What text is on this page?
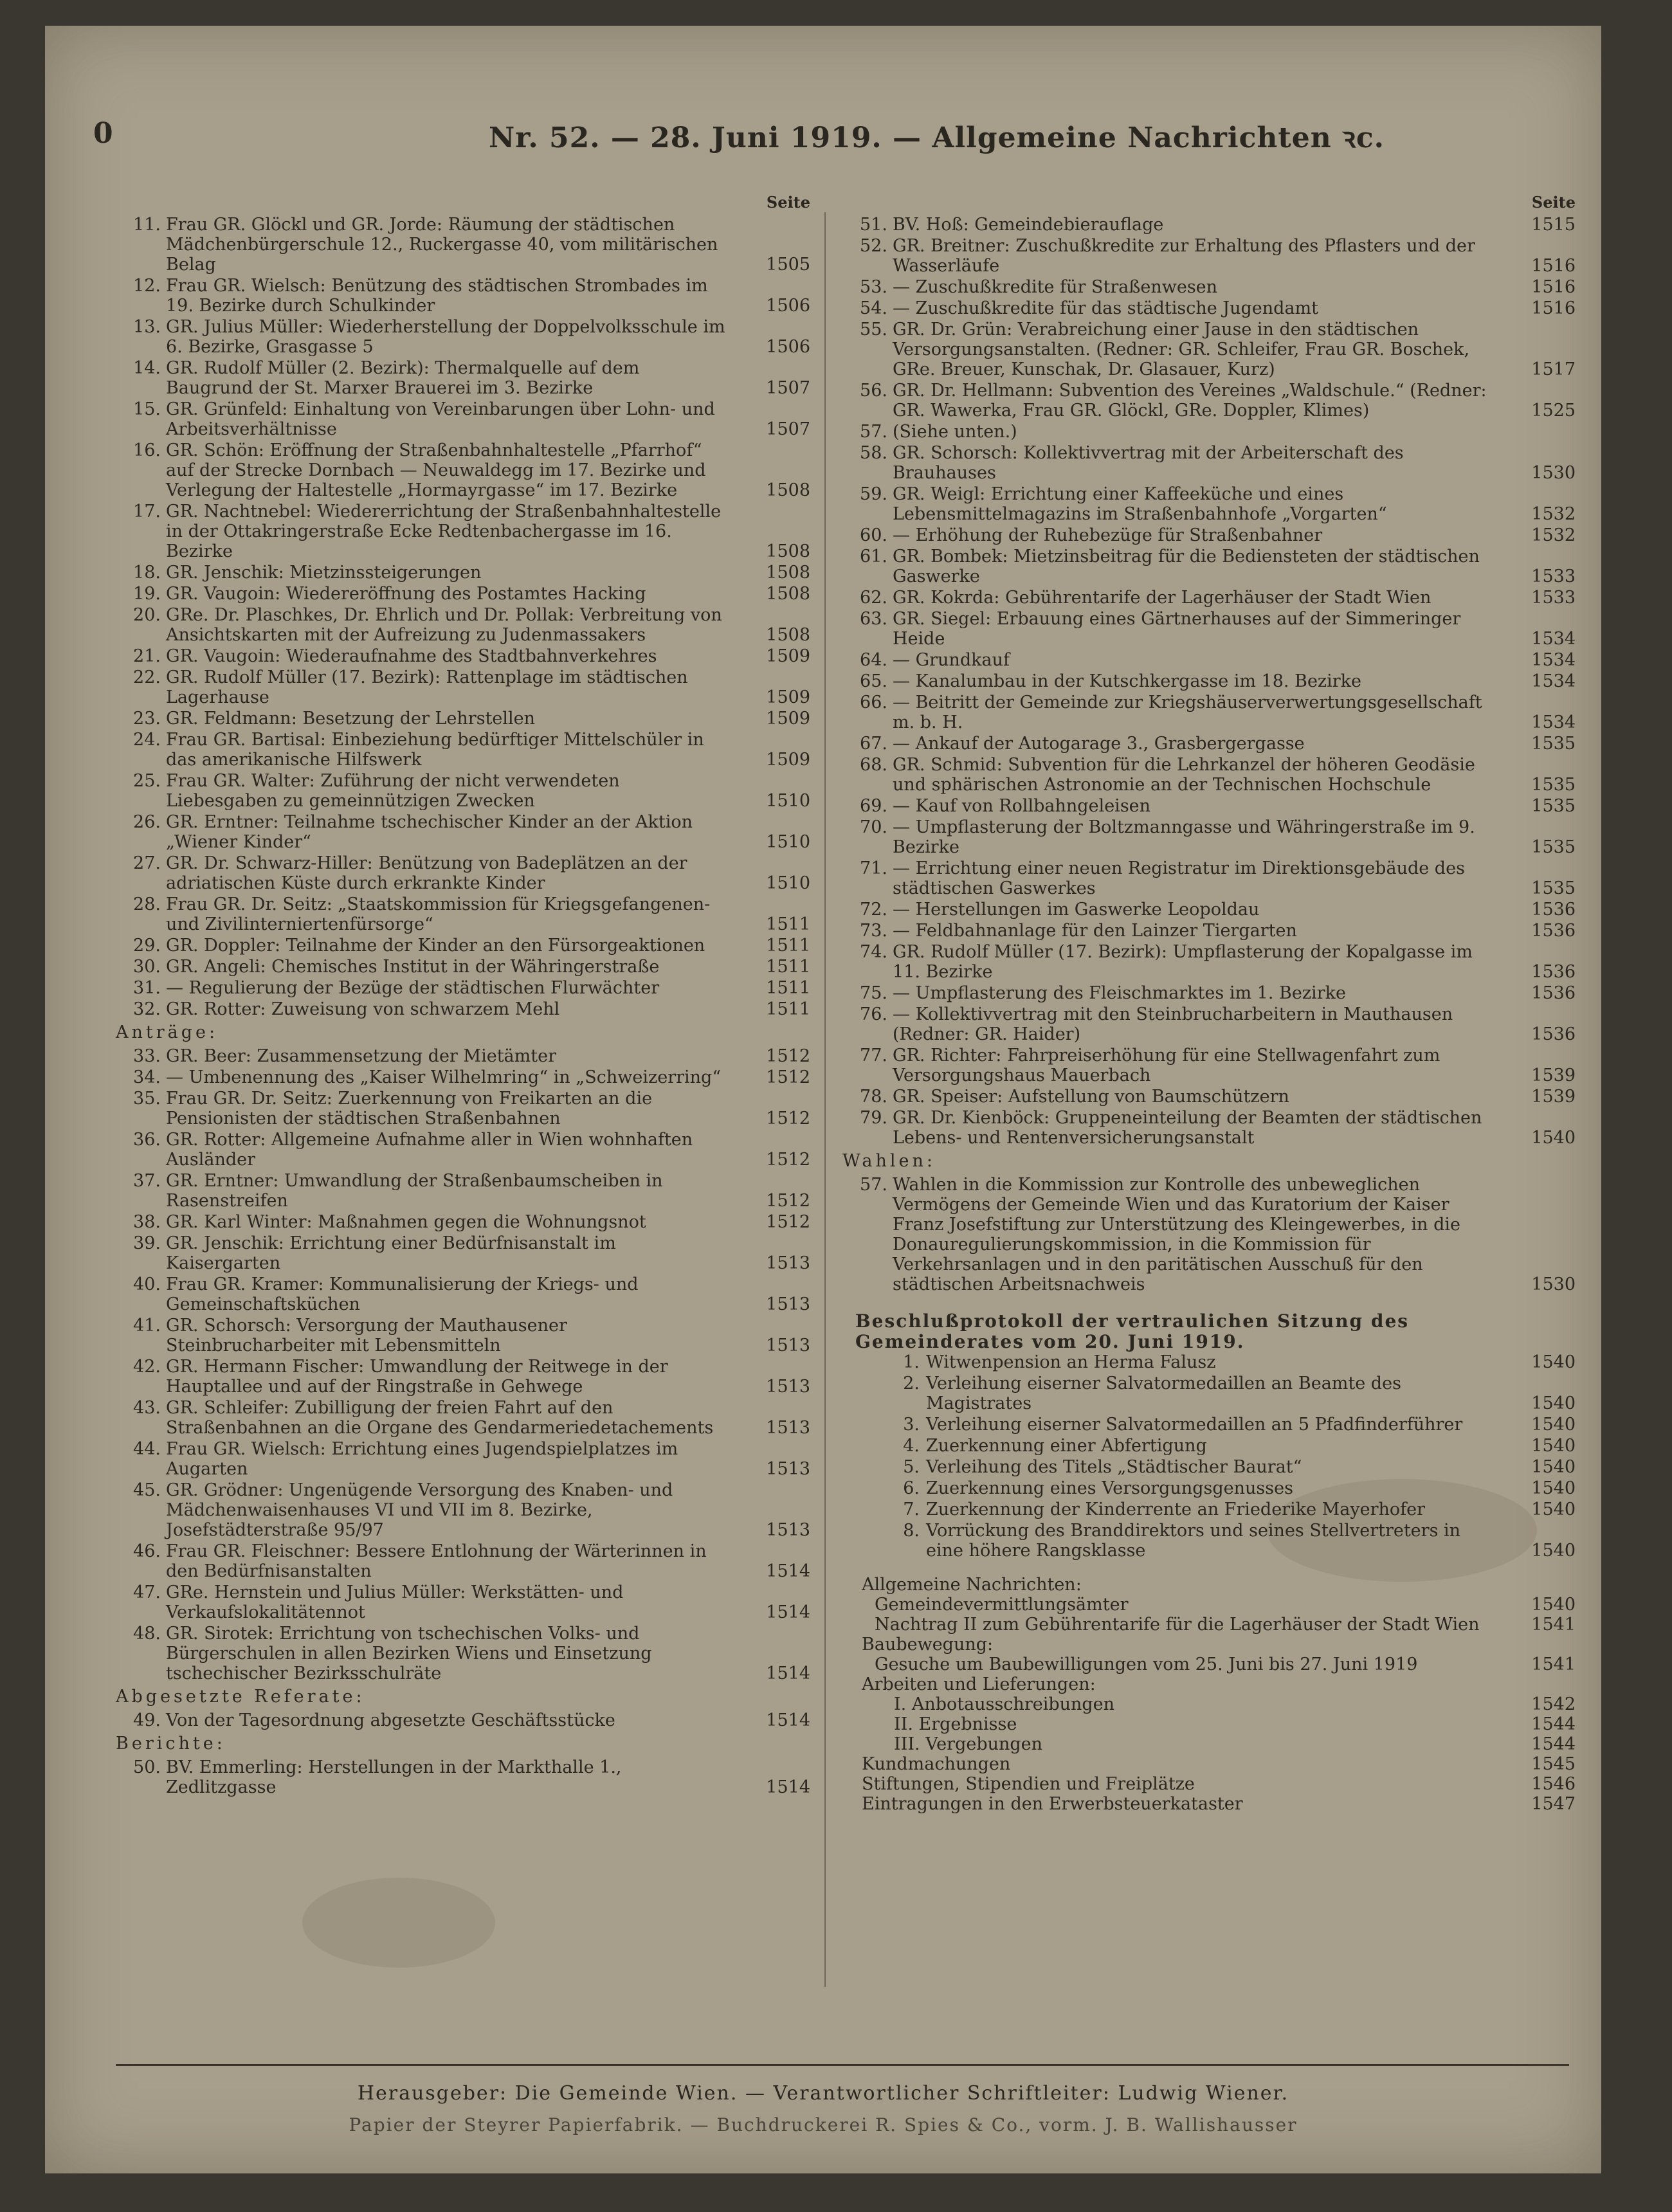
0	Nr. 52. — 28. Juni 1919. — Allgemeine Nachrichten ꝛc.
Seite
11. Frau GR. Glöckl und GR. Jorde: Räumung der städtischen Mädchenbürgerschule 12., Ruckergasse 40, vom militärischen Belag	1505
12. Frau GR. Wielsch: Benützung des städtischen Strombades im 19. Bezirke durch Schulkinder	1506
13. GR. Julius Müller: Wiederherstellung der Doppelvolksschule im 6. Bezirke, Grasgasse 5	1506
14. GR. Rudolf Müller (2. Bezirk): Thermalquelle auf dem Baugrund der St. Marxer Brauerei im 3. Bezirke	1507
15. GR. Grünfeld: Einhaltung von Vereinbarungen über Lohn- und Arbeitsverhältnisse	1507
16. GR. Schön: Eröffnung der Straßenbahnhaltestelle „Pfarrhof“ auf der Strecke Dornbach — Neuwaldegg im 17. Bezirke und Verlegung der Haltestelle „Hormayrgasse“ im 17. Bezirke	1508
17. GR. Nachtnebel: Wiedererrichtung der Straßenbahnhaltestelle in der Ottakringerstraße Ecke Redtenbachergasse im 16. Bezirke	1508
18. GR. Jenschik: Mietzinssteigerungen	1508
19. GR. Vaugoin: Wiedereröffnung des Postamtes Hacking	1508
20. GRe. Dr. Plaschkes, Dr. Ehrlich und Dr. Pollak: Verbreitung von Ansichtskarten mit der Aufreizung zu Judenmassakers	1508
21. GR. Vaugoin: Wiederaufnahme des Stadtbahnverkehres	1509
22. GR. Rudolf Müller (17. Bezirk): Rattenplage im städtischen Lagerhause	1509
23. GR. Feldmann: Besetzung der Lehrstellen	1509
24. Frau GR. Bartisal: Einbeziehung bedürftiger Mittelschüler in das amerikanische Hilfswerk	1509
25. Frau GR. Walter: Zuführung der nicht verwendeten Liebesgaben zu gemeinnützigen Zwecken	1510
26. GR. Erntner: Teilnahme tschechischer Kinder an der Aktion „Wiener Kinder“	1510
27. GR. Dr. Schwarz-Hiller: Benützung von Badeplätzen an der adriatischen Küste durch erkrankte Kinder	1510
28. Frau GR. Dr. Seitz: „Staatskommission für Kriegsgefangenen- und Zivilinterniertenfürsorge“	1511
29. GR. Doppler: Teilnahme der Kinder an den Fürsorgeaktionen	1511
30. GR. Angeli: Chemisches Institut in der Währingerstraße	1511
31. — Regulierung der Bezüge der städtischen Flurwächter	1511
32. GR. Rotter: Zuweisung von schwarzem Mehl	1511
Anträge:
33. GR. Beer: Zusammensetzung der Mietämter	1512
34. — Umbenennung des „Kaiser Wilhelmring“ in „Schweizerring“	1512
35. Frau GR. Dr. Seitz: Zuerkennung von Freikarten an die Pensionisten der städtischen Straßenbahnen	1512
36. GR. Rotter: Allgemeine Aufnahme aller in Wien wohnhaften Ausländer	1512
37. GR. Erntner: Umwandlung der Straßenbaumscheiben in Rasenstreifen	1512
38. GR. Karl Winter: Maßnahmen gegen die Wohnungsnot	1512
39. GR. Jenschik: Errichtung einer Bedürfnisanstalt im Kaisergarten	1513
40. Frau GR. Kramer: Kommunalisierung der Kriegs- und Gemeinschaftsküchen	1513
41. GR. Schorsch: Versorgung der Mauthausener Steinbrucharbeiter mit Lebensmitteln	1513
42. GR. Hermann Fischer: Umwandlung der Reitwege in der Hauptallee und auf der Ringstraße in Gehwege	1513
43. GR. Schleifer: Zubilligung der freien Fahrt auf den Straßenbahnen an die Organe des Gendarmeriedetachements	1513
44. Frau GR. Wielsch: Errichtung eines Jugendspielplatzes im Augarten	1513
45. GR. Grödner: Ungenügende Versorgung des Knaben- und Mädchenwaisenhauses VI und VII im 8. Bezirke, Josefstädterstraße 95/97	1513
46. Frau GR. Fleischner: Bessere Entlohnung der Wärterinnen in den Bedürfnisanstalten	1514
47. GRe. Hernstein und Julius Müller: Werkstätten- und Verkaufslokalitätennot	1514
48. GR. Sirotek: Errichtung von tschechischen Volks- und Bürgerschulen in allen Bezirken Wiens und Einsetzung tschechischer Bezirksschulräte	1514
Abgesetzte Referate:
49. Von der Tagesordnung abgesetzte Geschäftsstücke	1514
Berichte:
50. BV. Emmerling: Herstellungen in der Markthalle 1., Zedlitzgasse	1514
Seite
51. BV. Hoß: Gemeindebierauflage	1515
52. GR. Breitner: Zuschußkredite zur Erhaltung des Pflasters und der Wasserläufe	1516
53. — Zuschußkredite für Straßenwesen	1516
54. — Zuschußkredite für das städtische Jugendamt	1516
55. GR. Dr. Grün: Verabreichung einer Jause in den städtischen Versorgungsanstalten. (Redner: GR. Schleifer, Frau GR. Boschek, GRe. Breuer, Kunschak, Dr. Glasauer, Kurz)	1517
56. GR. Dr. Hellmann: Subvention des Vereines „Waldschule.“ (Redner: GR. Wawerka, Frau GR. Glöckl, GRe. Doppler, Klimes)	1525
57. (Siehe unten.)
58. GR. Schorsch: Kollektivvertrag mit der Arbeiterschaft des Brauhauses	1530
59. GR. Weigl: Errichtung einer Kaffeeküche und eines Lebensmittelmagazins im Straßenbahnhofe „Vorgarten“	1532
60. — Erhöhung der Ruhebezüge für Straßenbahner	1532
61. GR. Bombek: Mietzinsbeitrag für die Bediensteten der städtischen Gaswerke	1533
62. GR. Kokrda: Gebührentarife der Lagerhäuser der Stadt Wien	1533
63. GR. Siegel: Erbauung eines Gärtnerhauses auf der Simmeringer Heide	1534
64. — Grundkauf	1534
65. — Kanalumbau in der Kutschkergasse im 18. Bezirke	1534
66. — Beitritt der Gemeinde zur Kriegshäuserverwertungsgesellschaft m. b. H.	1534
67. — Ankauf der Autogarage 3., Grasbergergasse	1535
68. GR. Schmid: Subvention für die Lehrkanzel der höheren Geodäsie und sphärischen Astronomie an der Technischen Hochschule	1535
69. — Kauf von Rollbahngeleisen	1535
70. — Umpflasterung der Boltzmanngasse und Währingerstraße im 9. Bezirke	1535
71. — Errichtung einer neuen Registratur im Direktionsgebäude des städtischen Gaswerkes	1535
72. — Herstellungen im Gaswerke Leopoldau	1536
73. — Feldbahnanlage für den Lainzer Tiergarten	1536
74. GR. Rudolf Müller (17. Bezirk): Umpflasterung der Kopalgasse im 11. Bezirke	1536
75. — Umpflasterung des Fleischmarktes im 1. Bezirke	1536
76. — Kollektivvertrag mit den Steinbrucharbeitern in Mauthausen (Redner: GR. Haider)	1536
77. GR. Richter: Fahrpreiserhöhung für eine Stellwagenfahrt zum Versorgungshaus Mauerbach	1539
78. GR. Speiser: Aufstellung von Baumschützern	1539
79. GR. Dr. Kienböck: Gruppeneinteilung der Beamten der städtischen Lebens- und Rentenversicherungsanstalt	1540
Wahlen:
57. Wahlen in die Kommission zur Kontrolle des unbeweglichen Vermögens der Gemeinde Wien und das Kuratorium der Kaiser Franz Josefstiftung zur Unterstützung des Kleingewerbes, in die Donauregulierungskommission, in die Kommission für Verkehrsanlagen und in den paritätischen Ausschuß für den städtischen Arbeitsnachweis	1530
Beschlußprotokoll der vertraulichen Sitzung des Gemeinderates vom 20. Juni 1919.
1. Witwenpension an Herma Falusz	1540
2. Verleihung eiserner Salvatormedaillen an Beamte des Magistrates	1540
3. Verleihung eiserner Salvatormedaillen an 5 Pfadfinderführer	1540
4. Zuerkennung einer Abfertigung	1540
5. Verleihung des Titels „Städtischer Baurat“	1540
6. Zuerkennung eines Versorgungsgenusses	1540
7. Zuerkennung der Kinderrente an Friederike Mayerhofer	1540
8. Vorrückung des Branddirektors und seines Stellvertreters in eine höhere Rangsklasse	1540
Allgemeine Nachrichten:
Gemeindevermittlungsämter	1540
Nachtrag II zum Gebührentarife für die Lagerhäuser der Stadt Wien	1541
Baubewegung:
Gesuche um Baubewilligungen vom 25. Juni bis 27. Juni 1919	1541
Arbeiten und Lieferungen:
I. Anbotausschreibungen	1542
II. Ergebnisse	1544
III. Vergebungen	1544
Kundmachungen	1545
Stiftungen, Stipendien und Freiplätze	1546
Eintragungen in den Erwerbsteuerkataster	1547
Herausgeber: Die Gemeinde Wien. — Verantwortlicher Schriftleiter: Ludwig Wiener.
Papier der Steyrer Papierfabrik. — Buchdruckerei R. Spies & Co., vorm. J. B. Wallishausser
